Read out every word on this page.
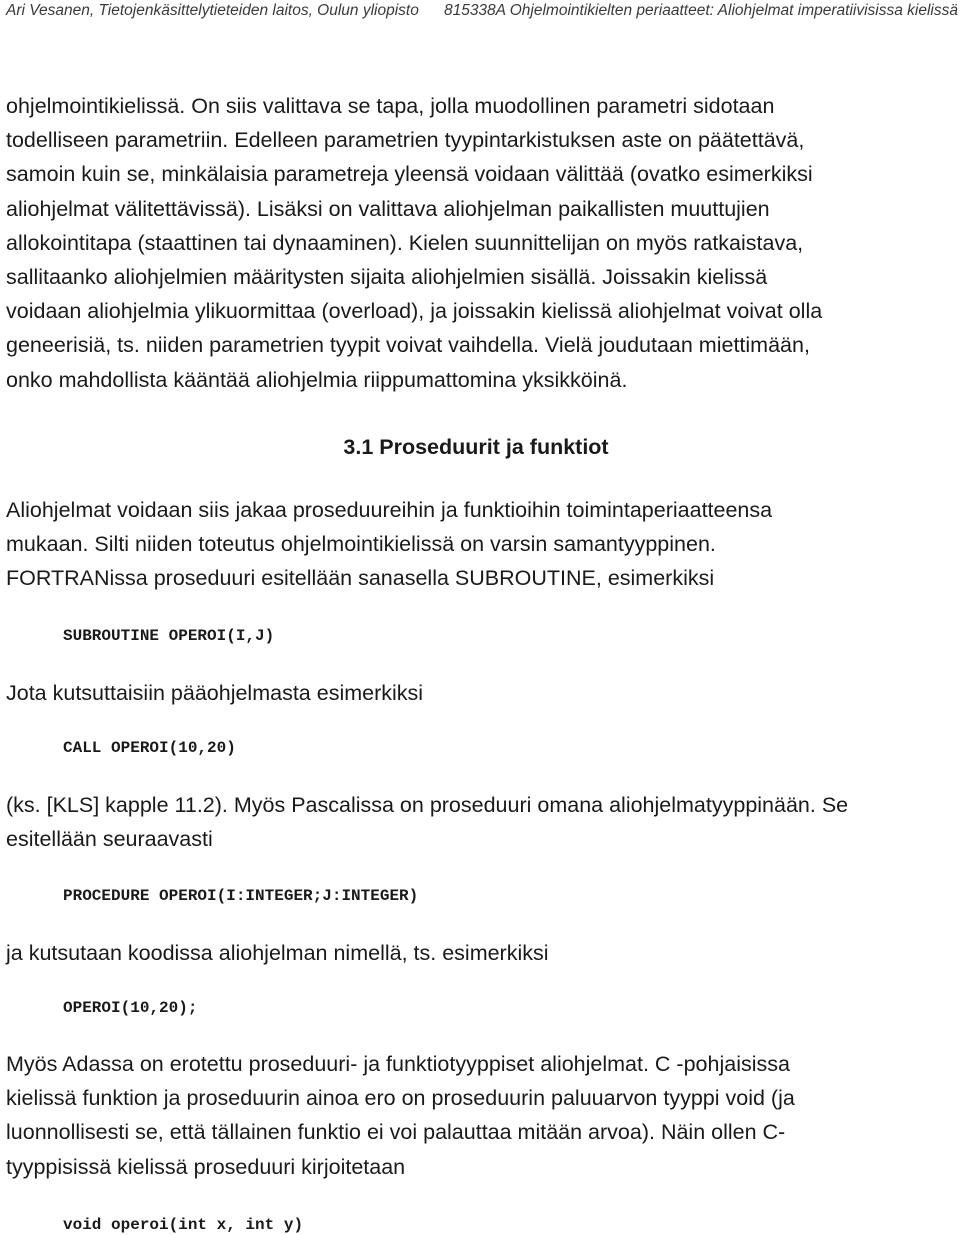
Ari Vesanen, Tietojenkäsittelytieteiden laitos, Oulun yliopisto 815338A Ohjelmointikielten periaatteet: Aliohjelmat imperatiivisissa kielissä

ohjelmointikielissä. On siis valittava se tapa, jolla muodollinen parametri sidotaan
todelliseen parametriin. Edelleen parametrien tyypintarkistuksen aste on päätettävä,
samoin kuin se, minkälaisia parametreja yleensä voidaan välittää (ovatko esimerkiksi
aliohjelmat välitettävissä). Lisäksi on valittava aliohjelman paikallisten muuttujien
allokointitapa (staattinen tai dynaaminen). Kielen suunnittelijan on myös ratkaistava,
sallitaanko aliohjelmien määritysten sijaita aliohjelmien sisällä. Joissakin kielissä
voidaan aliohjelmia ylikuormittaa (overload), ja joissakin kielissä aliohjelmat voivat olla
geneerisiä, ts. niiden parametrien tyypit voivat vaihdella. Vielä joudutaan miettimään,
onko mahdollista kääntää aliohjelmia riippumattomina yksikköinä.

3.1 Proseduurit ja funktiot

Aliohjelmat voidaan siis jakaa proseduureihin ja funktioihin toimintaperiaatteensa
mukaan. Silti niiden toteutus ohjelmointikielissä on varsin samantyyppinen.
FORTRANissa proseduuri esitellään sanasella SUBROUTINE, esimerkiksi

SUBROUTINE OPEROI(I,J)

Jota kutsuttaisiin pääohjelmasta esimerkiksi

CALL OPEROI(10,20)

(ks. [KLS] kapple 11.2). Myös Pascalissa on proseduuri omana aliohjelmatyyppinään. Se
esitellään seuraavasti

PROCEDURE OPEROI(I:INTEGER;J:INTEGER)

ja kutsutaan koodissa aliohjelman nimellä, ts. esimerkiksi

OPEROI(10,20);

Myös Adassa on erotettu proseduuri- ja funktiotyyppiset aliohjelmat. C -pohjaisissa
kielissä funktion ja proseduurin ainoa ero on proseduurin paluuarvon tyyppi void (ja
luonnollisesti se, että tällainen funktio ei voi palauttaa mitään arvoa). Näin ollen C-
tyyppisissä kielissä proseduuri kirjoitetaan

void operoi(int x, int y)
